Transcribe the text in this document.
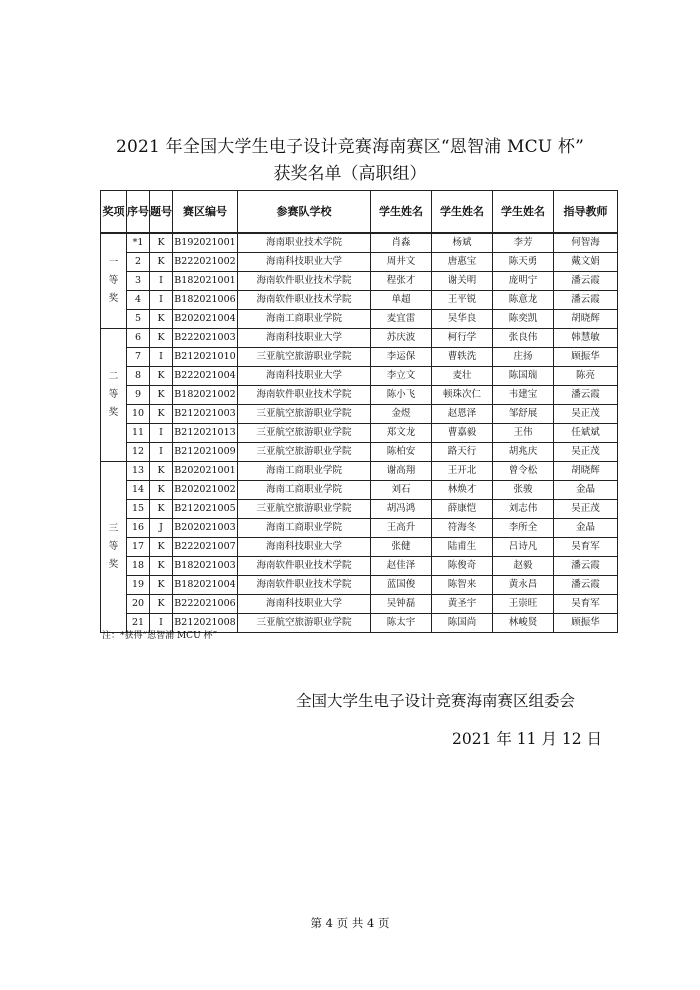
2021 年全国大学生电子设计竞赛海南赛区“恩智浦 MCU 杯”
获奖名单（高职组）
奖项	序号	题号	赛区编号	参赛队学校	学生姓名	学生姓名	学生姓名	指导教师
一等奖	*1	K	B192021001	海南职业技术学院	肖淼	杨斌	李芳	何智海
	2	K	B222021002	海南科技职业大学	周井文	唐惠宝	陈天勇	戴文娟
	3	I	B182021001	海南软件职业技术学院	程张才	谢关明	庞明宁	潘云霞
	4	I	B182021006	海南软件职业技术学院	单超	王平锐	陈意龙	潘云霞
	5	K	B202021004	海南工商职业学院	麦宜雷	吴华良	陈奕凯	胡晓辉
二等奖	6	K	B222021003	海南科技职业大学	苏庆波	柯行学	张良伟	韩慧敏
	7	I	B212021010	三亚航空旅游职业学院	李运保	曹轶洗	庄扬	顾振华
	8	K	B222021004	海南科技职业大学	李立文	麦壮	陈国瑞	陈亮
	9	K	B182021002	海南软件职业技术学院	陈小飞	顿珠次仁	韦建宝	潘云霞
	10	K	B212021003	三亚航空旅游职业学院	金煜	赵恩泽	邹舒展	吴正茂
	11	I	B212021013	三亚航空旅游职业学院	郑文龙	曹嘉毅	王伟	任斌斌
	12	I	B212021009	三亚航空旅游职业学院	陈柏安	路天行	胡兆庆	吴正茂
三等奖	13	K	B202021001	海南工商职业学院	谢高翔	王开北	曾令松	胡晓辉
	14	K	B202021002	海南工商职业学院	刘石	林焕才	张骏	金晶
	15	K	B212021005	三亚航空旅游职业学院	胡冯鸿	薛康恺	刘志伟	吴正茂
	16	J	B202021003	海南工商职业学院	王高升	符海冬	李所全	金晶
	17	K	B222021007	海南科技职业大学	张健	陆甫生	吕诗凡	吴育军
	18	K	B182021003	海南软件职业技术学院	赵佳泽	陈俊奇	赵毅	潘云霞
	19	K	B182021004	海南软件职业技术学院	蓝国俊	陈智来	黄永昌	潘云霞
	20	K	B222021006	海南科技职业大学	吴钟磊	黄圣宇	王崇旺	吴育军
	21	I	B212021008	三亚航空旅游职业学院	陈太宇	陈国尚	林峻贤	顾振华
注：*获得“恩智浦 MCU 杯”
全国大学生电子设计竞赛海南赛区组委会
2021 年 11 月 12 日
第 4 页 共 4 页
